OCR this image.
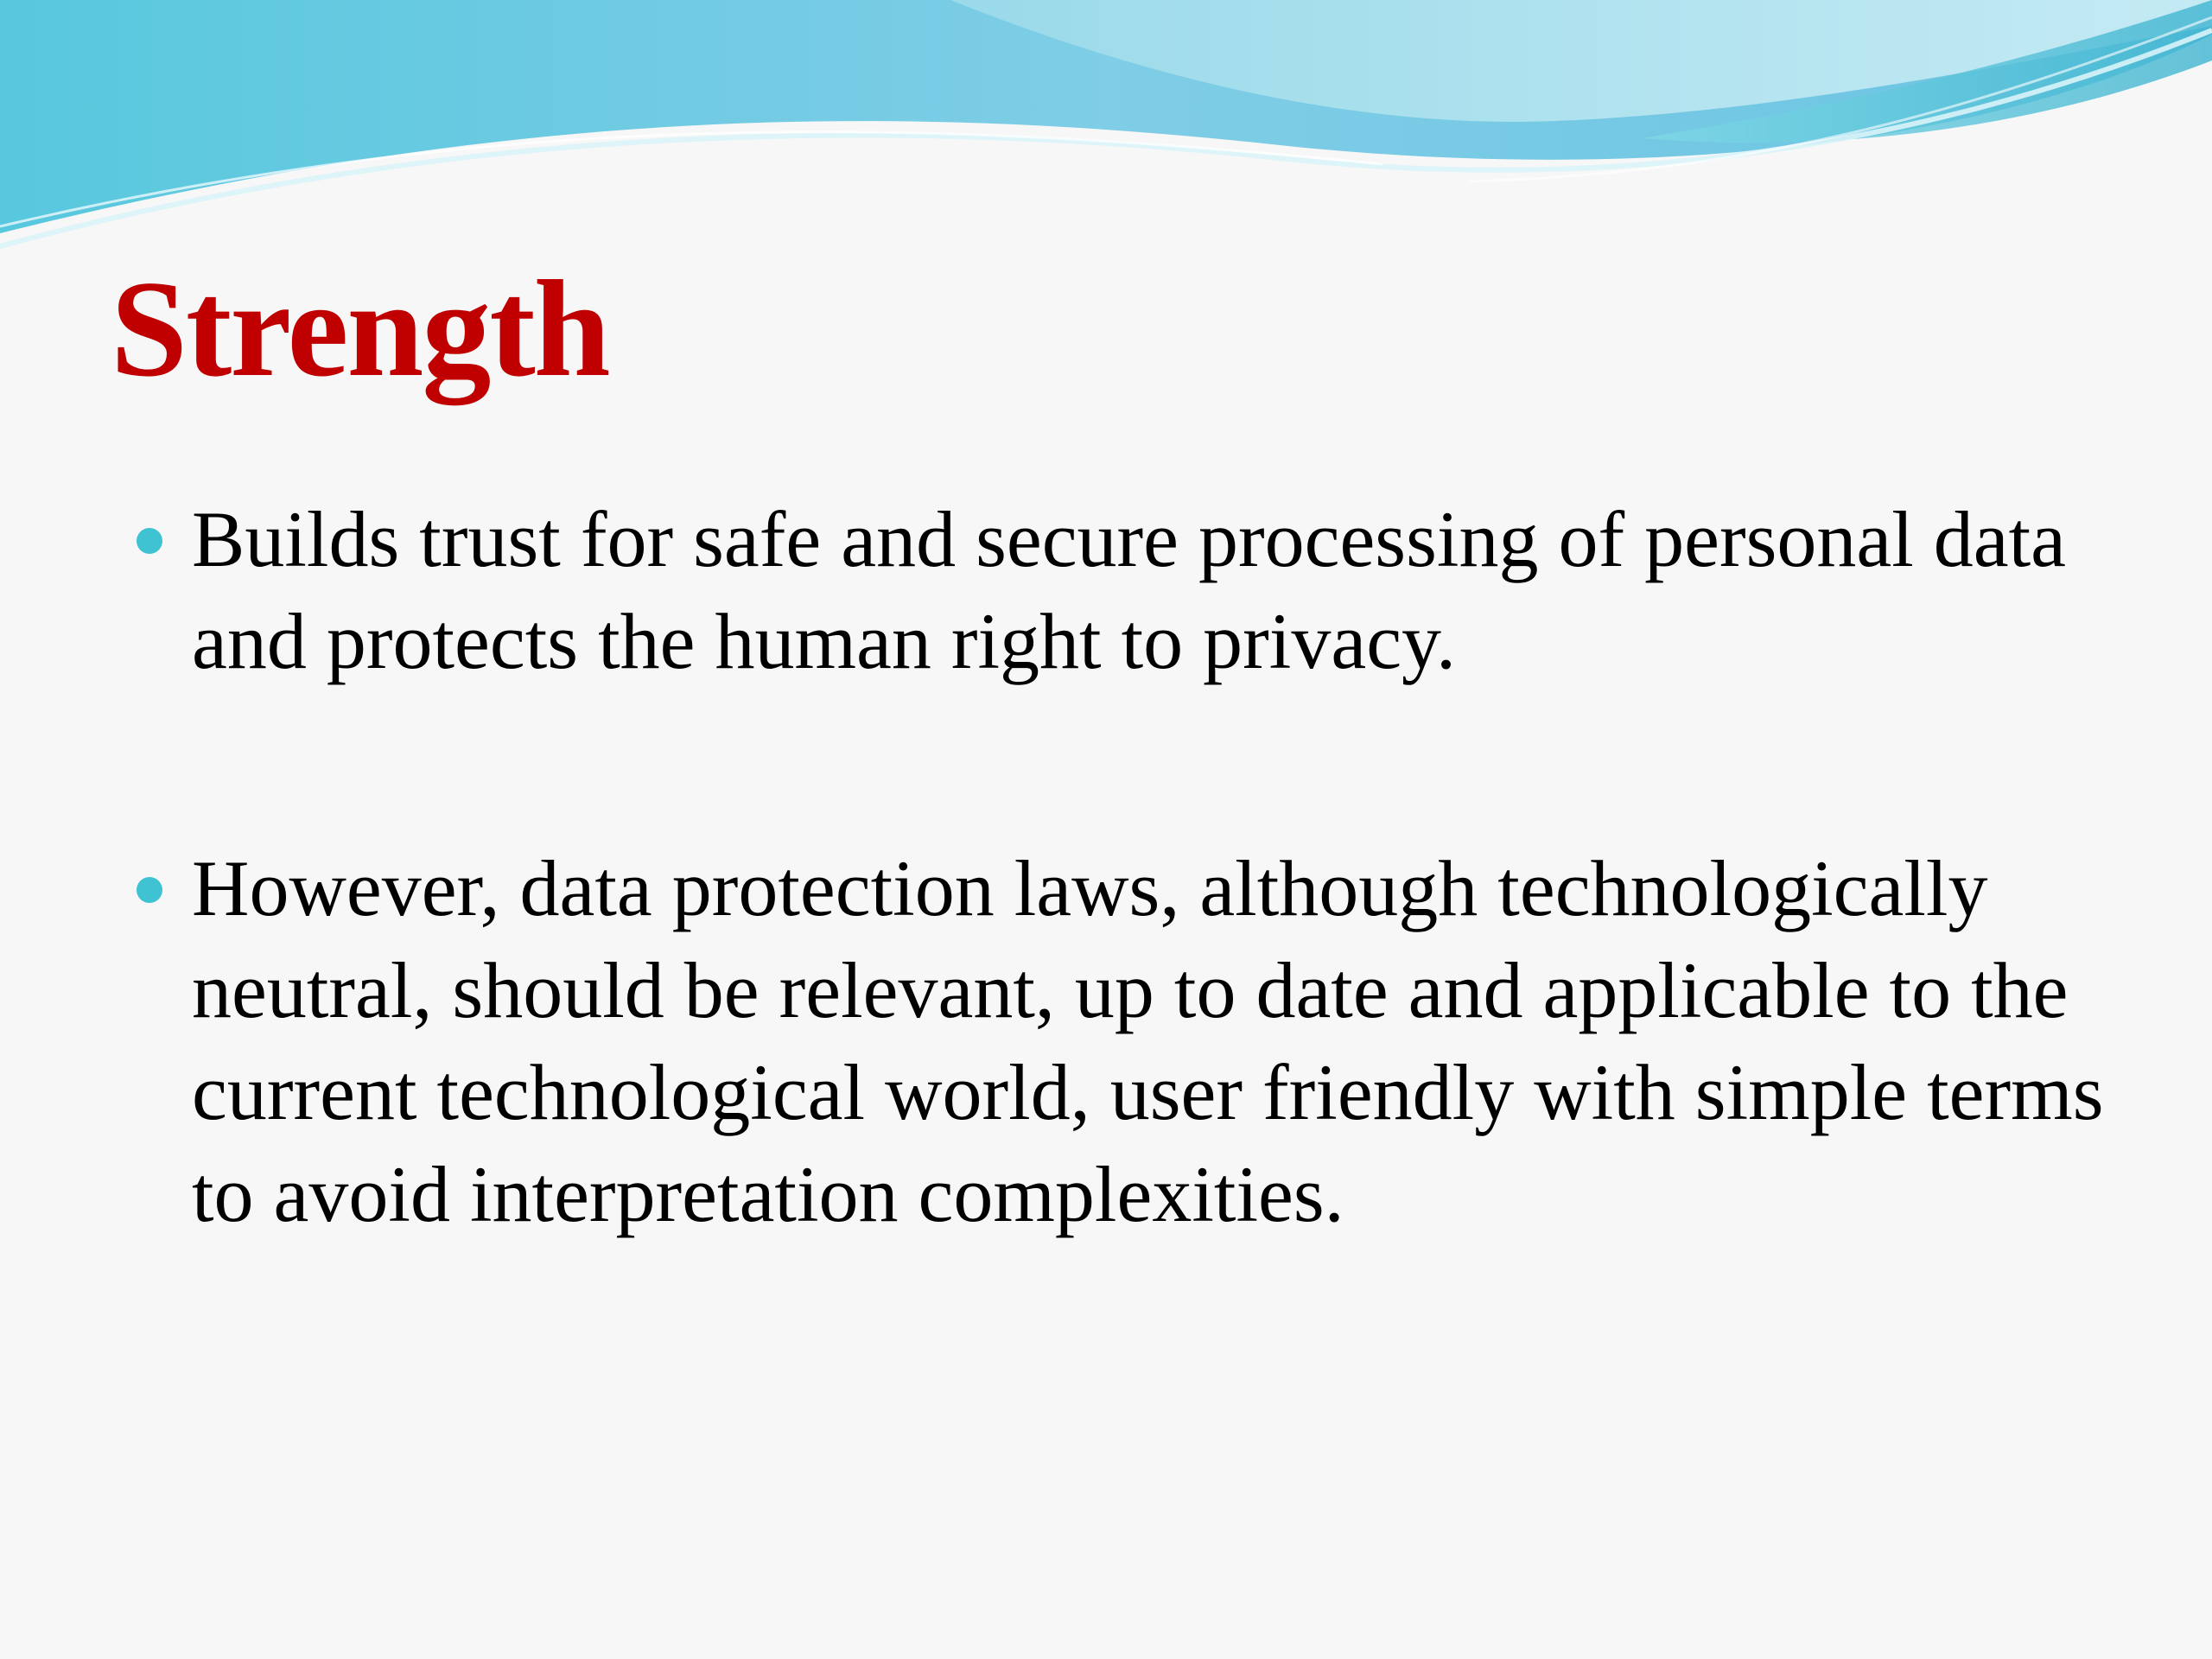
Strength
Builds trust for safe and secure processing of personal data and protects the human right to privacy.
However, data protection laws, although technologically neutral, should be relevant, up to date and applicable to the current technological world, user friendly with simple terms to avoid interpretation complexities.
